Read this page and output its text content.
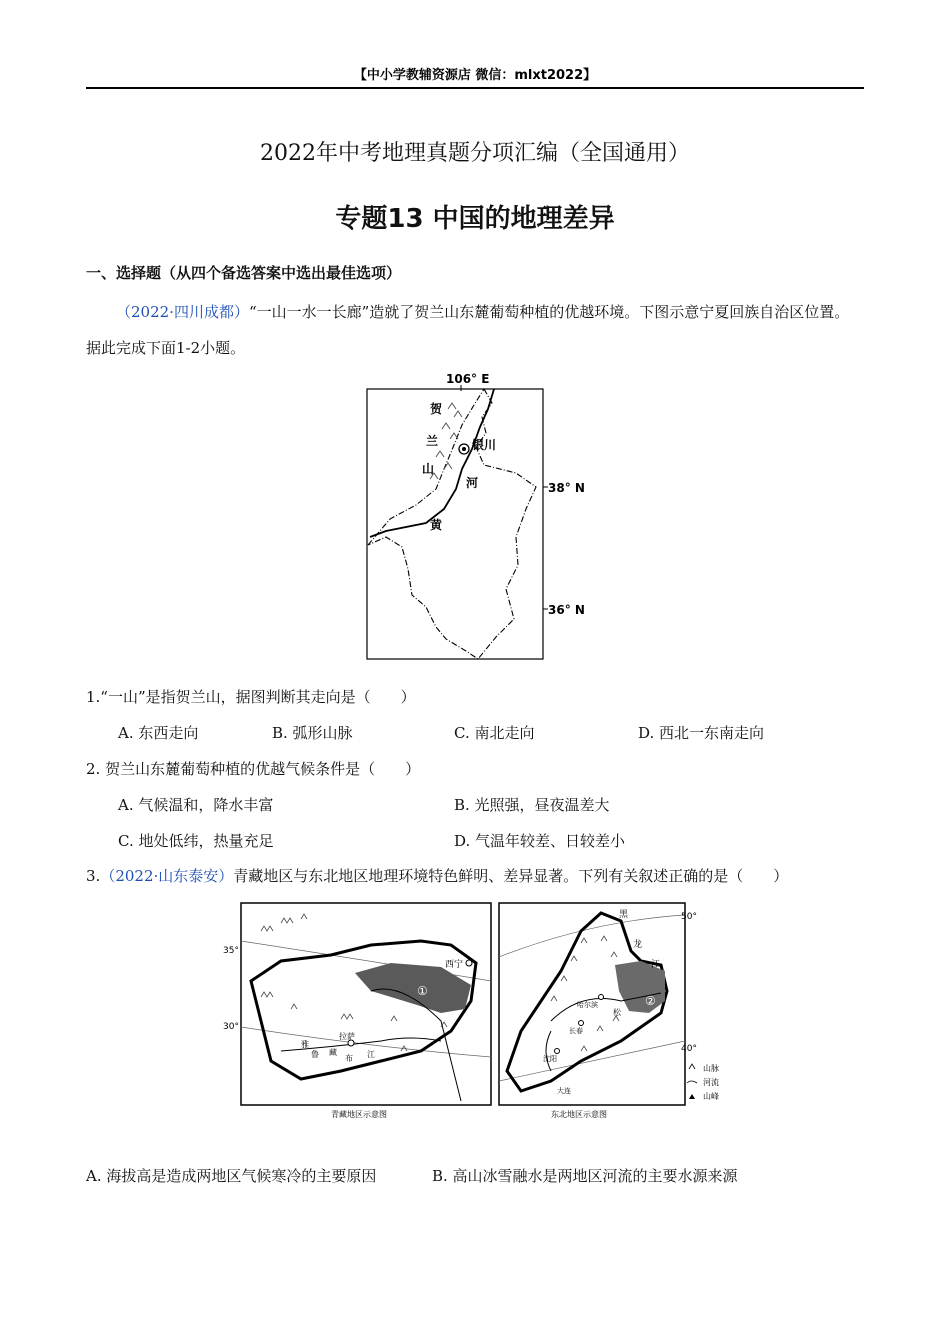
【中小学教辅资源店 微信：mlxt2022】
2022年中考地理真题分项汇编（全国通用）
专题13 中国的地理差异
一、选择题（从四个备选答案中选出最佳选项）
（2022·四川成都）“一山一水一长廊”造就了贺兰山东麓葡萄种植的优越环境。下图示意宁夏回族自治区位置。据此完成下面1-2小题。
106° E
贺
兰
山
银川
河
黄
38° N
36° N
1.“一山”是指贺兰山，据图判断其走向是（　　）
A. 东西走向	B. 弧形山脉	C. 南北走向	D. 西北一东南走向
2. 贺兰山东麓葡萄种植的优越气候条件是（　　）
A. 气候温和，降水丰富	B. 光照强，昼夜温差大
C. 地处低纬，热量充足	D. 气温年较差、日较差小
3.（2022·山东泰安）青藏地区与东北地区地理环境特色鲜明、差异显著。下列有关叙述正确的是（　　）
35°
30°
西宁
①
拉萨
雅
鲁 藏
布 江
青藏地区示意图
50°
40°
黑
龙
江
哈尔滨	②
松
长春
沈阳
大连
山脉
河流
山峰
东北地区示意图
A. 海拔高是造成两地区气候寒冷的主要原因	B. 高山冰雪融水是两地区河流的主要水源来源
